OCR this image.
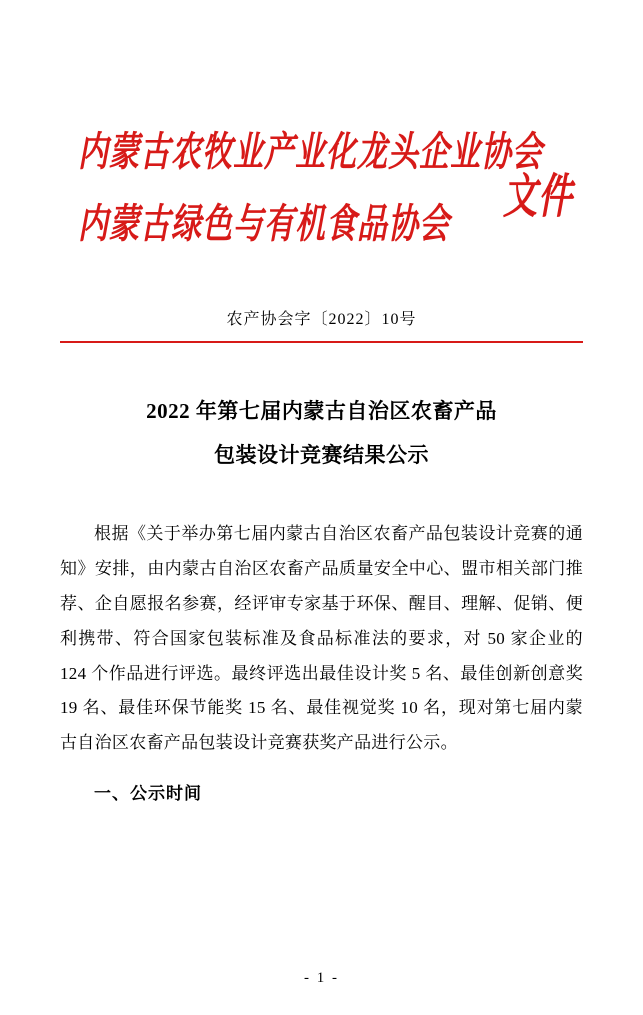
内蒙古农牧业产业化龙头企业协会
内蒙古绿色与有机食品协会
文件
农产协会字〔2022〕10号
2022 年第七届内蒙古自治区农畜产品
包装设计竞赛结果公示

根据《关于举办第七届内蒙古自治区农畜产品包装设计竞赛的通知》安排，由内蒙古自治区农畜产品质量安全中心、盟市相关部门推荐、企自愿报名参赛，经评审专家基于环保、醒目、理解、促销、便利携带、符合国家包装标准及食品标准法的要求，对 50 家企业的 124 个作品进行评选。最终评选出最佳设计奖 5 名、最佳创新创意奖 19 名、最佳环保节能奖 15 名、最佳视觉奖 10 名，现对第七届内蒙古自治区农畜产品包装设计竞赛获奖产品进行公示。

一、公示时间
- 1 -
